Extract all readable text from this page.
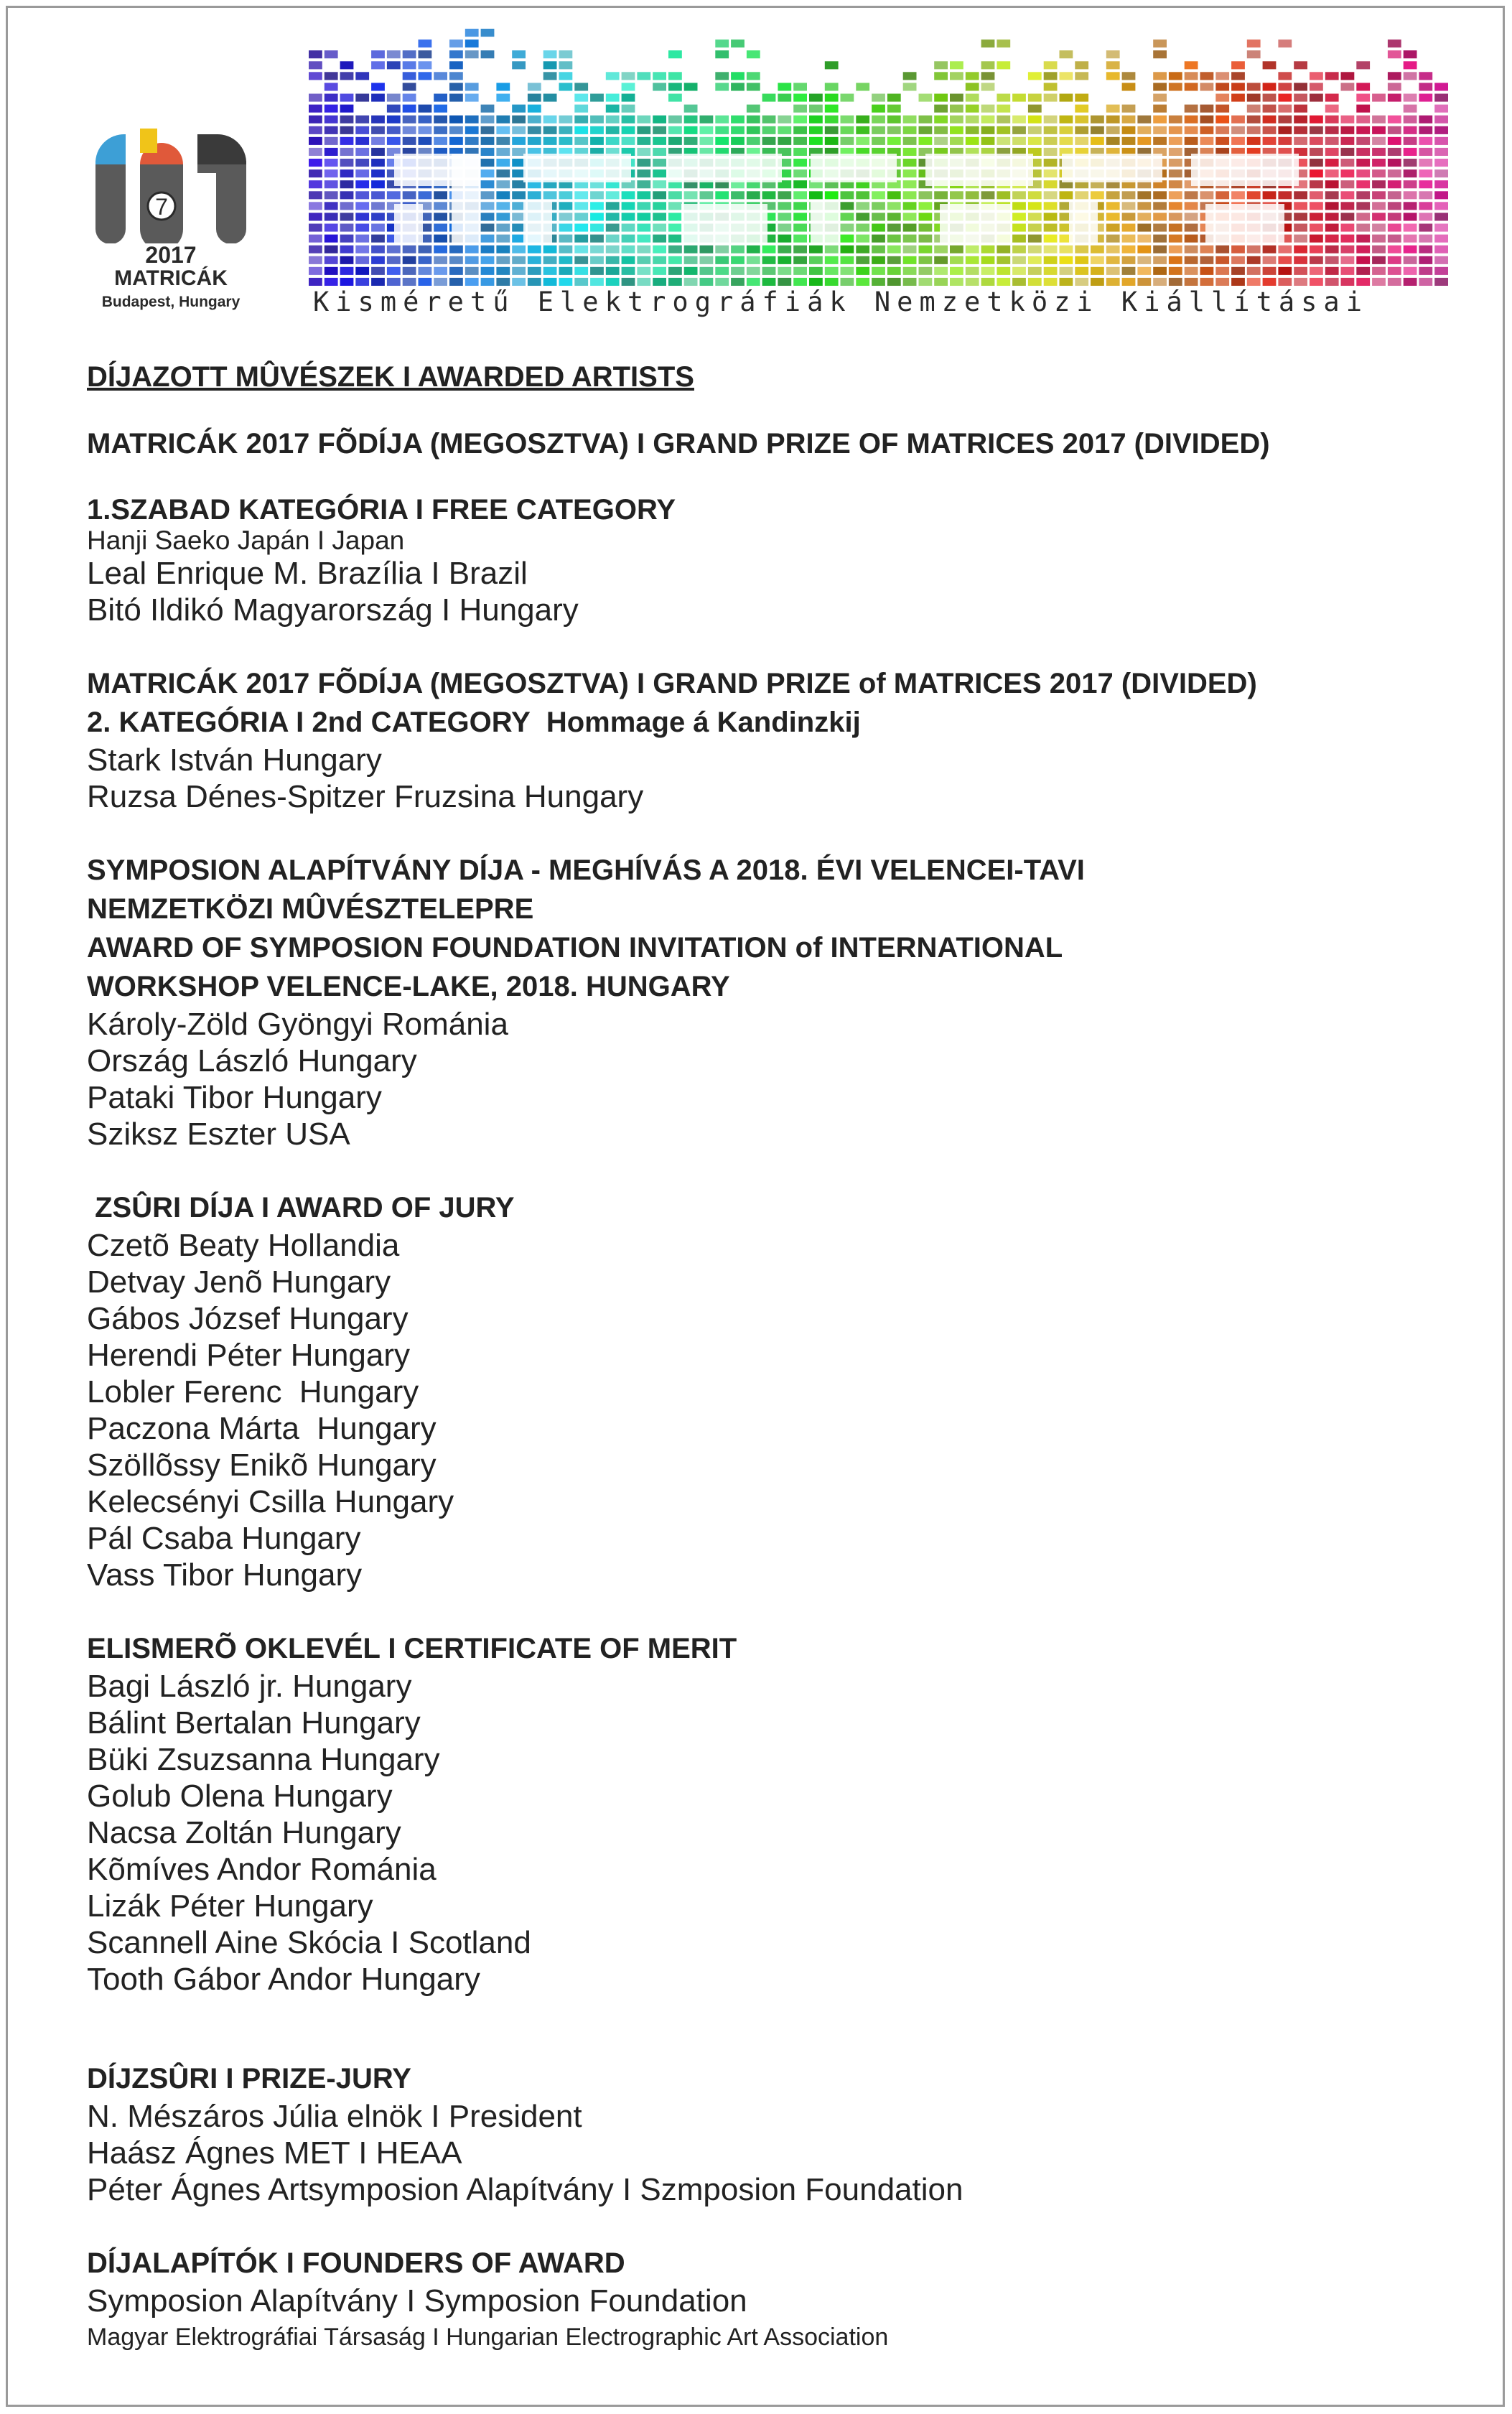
7
2017
MATRICÁK
Budapest, Hungary	Kisméretű Elektrográfiák Nemzetközi Kiállításai

DÍJAZOTT MÛVÉSZEK I AWARDED ARTISTS

MATRICÁK 2017 FÕDÍJA (MEGOSZTVA) I GRAND PRIZE OF MATRICES 2017 (DIVIDED)

1.SZABAD KATEGÓRIA I FREE CATEGORY

Hanji Saeko Japán I Japan

Leal Enrique M. Brazília I Brazil

Bitó Ildikó Magyarország I Hungary

MATRICÁK 2017 FÕDÍJA (MEGOSZTVA) I GRAND PRIZE of MATRICES 2017 (DIVIDED)

2. KATEGÓRIA I 2nd CATEGORY Hommage á Kandinzkij

Stark István Hungary

Ruzsa Dénes-Spitzer Fruzsina Hungary

SYMPOSION ALAPÍTVÁNY DÍJA - MEGHÍVÁS A 2018. ÉVI VELENCEI-TAVI

NEMZETKÖZI MÛVÉSZTELEPRE

AWARD OF SYMPOSION FOUNDATION INVITATION of INTERNATIONAL

WORKSHOP VELENCE-LAKE, 2018. HUNGARY

Károly-Zöld Gyöngyi Románia

Ország László Hungary

Pataki Tibor Hungary

Sziksz Eszter USA

ZSÛRI DÍJA I AWARD OF JURY

Czetõ Beaty Hollandia

Detvay Jenõ Hungary

Gábos József Hungary

Herendi Péter Hungary

Lobler Ferenc  Hungary

Paczona Márta  Hungary

Szöllõssy Enikõ Hungary

Kelecsényi Csilla Hungary

Pál Csaba Hungary

Vass Tibor Hungary

ELISMERÕ OKLEVÉL I CERTIFICATE OF MERIT

Bagi László jr. Hungary

Bálint Bertalan Hungary

Büki Zsuzsanna Hungary

Golub Olena Hungary

Nacsa Zoltán Hungary

Kõmíves Andor Románia

Lizák Péter Hungary

Scannell Aine Skócia I Scotland

Tooth Gábor Andor Hungary

DÍJZSÛRI I PRIZE-JURY

N. Mészáros Júlia elnök I President

Haász Ágnes MET I HEAA

Péter Ágnes Artsymposion Alapítvány I Szmposion Foundation

DÍJALAPÍTÓK I FOUNDERS OF AWARD

Symposion Alapítvány I Symposion Foundation

Magyar Elektrográfiai Társaság I Hungarian Electrographic Art Association
